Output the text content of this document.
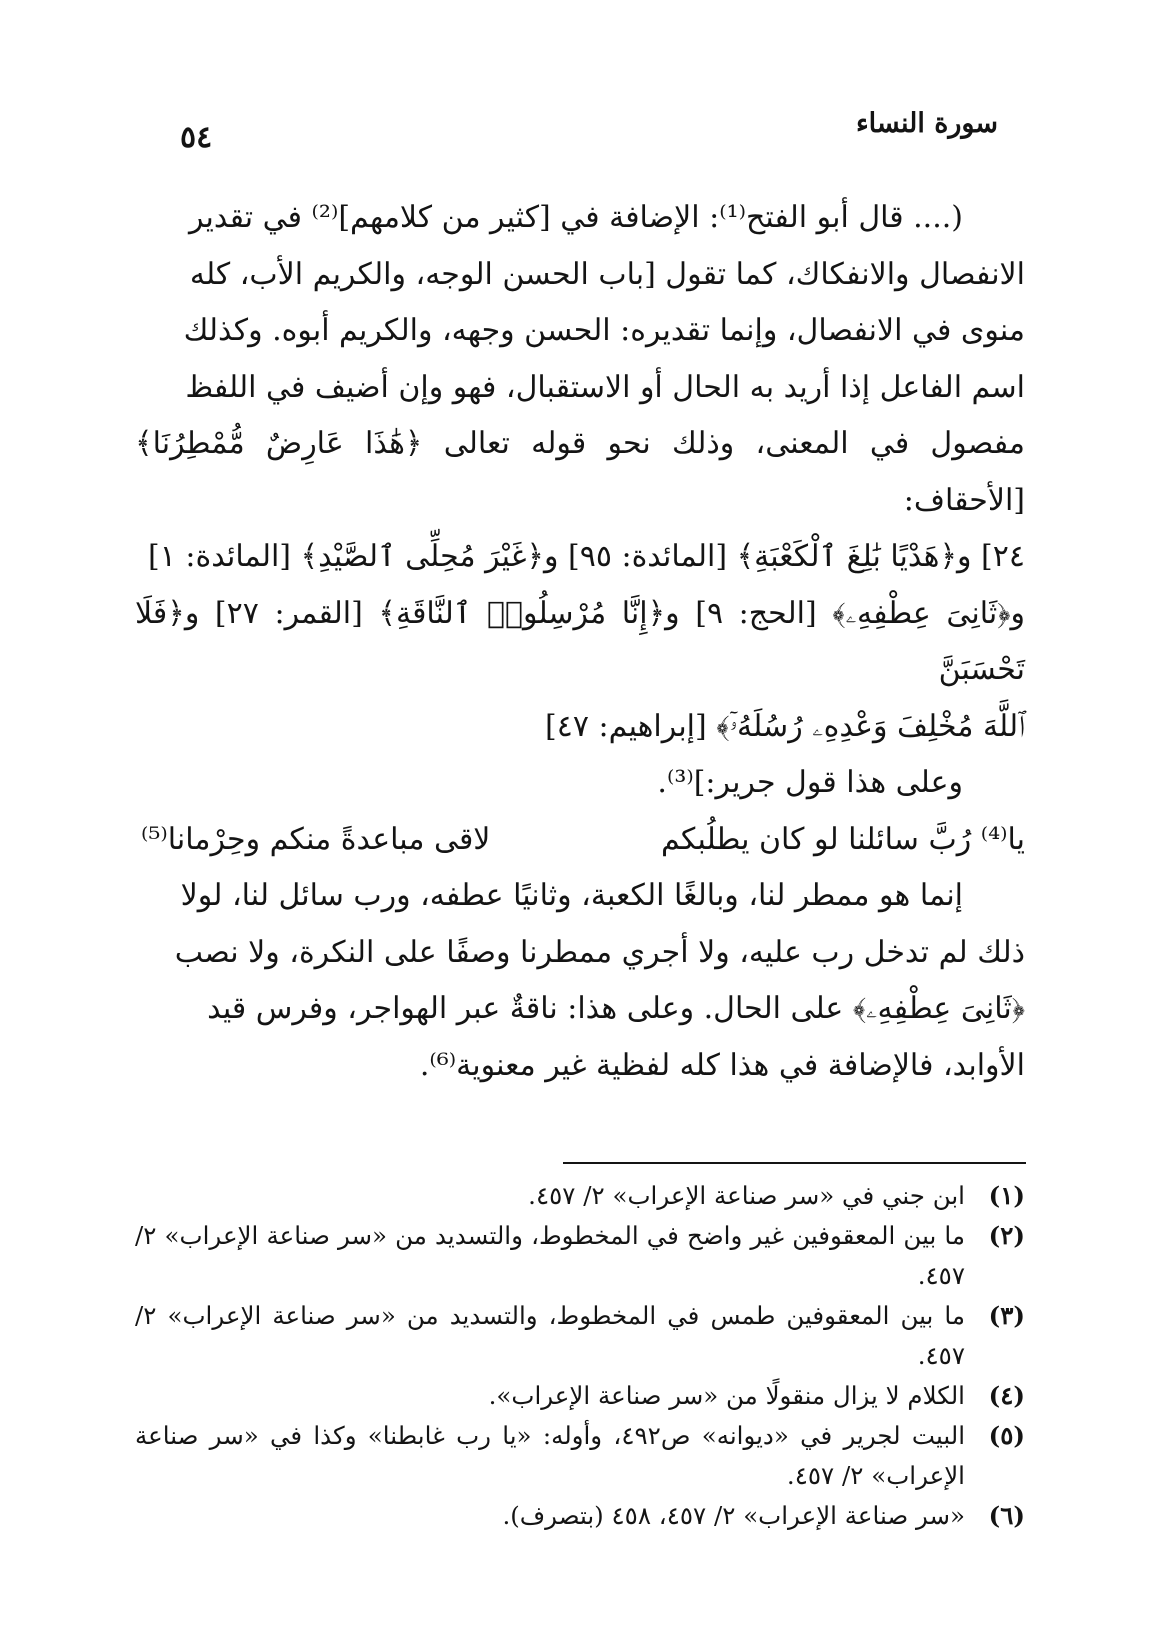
سورة النساء
٥٤

(.... قال أبو الفتح⁽¹⁾: الإضافة في [كثير من كلامهم]⁽²⁾ في تقدير

الانفصال والانفكاك، كما تقول [باب الحسن الوجه، والكريم الأب، كله

منوى في الانفصال، وإنما تقديره: الحسن وجهه، والكريم أبوه. وكذلك

اسم الفاعل إذا أريد به الحال أو الاستقبال، فهو وإن أضيف في اللفظ

مفصول في المعنى، وذلك نحو قوله تعالى ﴿هَٰذَا عَارِضٌ مُّمْطِرُنَا﴾ [الأحقاف:

٢٤] و﴿هَدْيًا بَٰلِغَ ٱلْكَعْبَةِ﴾ [المائدة: ٩٥] و﴿غَيْرَ مُحِلِّى ٱلصَّيْدِ﴾ [المائدة: ١]

و﴿ثَانِىَ عِطْفِهِۦ﴾ [الحج: ٩] و﴿إِنَّا مُرْسِلُوا۟ ٱلنَّاقَةِ﴾ [القمر: ٢٧] و﴿فَلَا تَحْسَبَنَّ

ٱللَّهَ مُخْلِفَ وَعْدِهِۦ رُسُلَهُۥٓ﴾ [إبراهيم: ٤٧]

وعلى هذا قول جرير:]⁽³⁾.

يا⁽⁴⁾ رُبَّ سائلنا لو كان يطلُبكم
لاقى مباعدةً منكم وحِرْمانا⁽⁵⁾

إنما هو ممطر لنا، وبالغًا الكعبة، وثانيًا عطفه، ورب سائل لنا، لولا

ذلك لم تدخل رب عليه، ولا أجري ممطرنا وصفًا على النكرة، ولا نصب

﴿ثَانِىَ عِطْفِهِۦ﴾ على الحال. وعلى هذا: ناقةٌ عبر الهواجر، وفرس قيد

الأوابد، فالإضافة في هذا كله لفظية غير معنوية⁽⁶⁾.

(١)
ابن جني في «سر صناعة الإعراب» ٢/ ٤٥٧.
(٢)
ما بين المعقوفين غير واضح في المخطوط، والتسديد من «سر صناعة الإعراب» ٢/ ٤٥٧.
(٣)
ما بين المعقوفين طمس في المخطوط، والتسديد من «سر صناعة الإعراب» ٢/ ٤٥٧.
(٤)
الكلام لا يزال منقولًا من «سر صناعة الإعراب».
(٥)
البيت لجرير في «ديوانه» ص٤٩٢، وأوله: «يا رب غابطنا» وكذا في «سر صناعة الإعراب» ٢/ ٤٥٧.
(٦)
«سر صناعة الإعراب» ٢/ ٤٥٧، ٤٥٨ (بتصرف).
